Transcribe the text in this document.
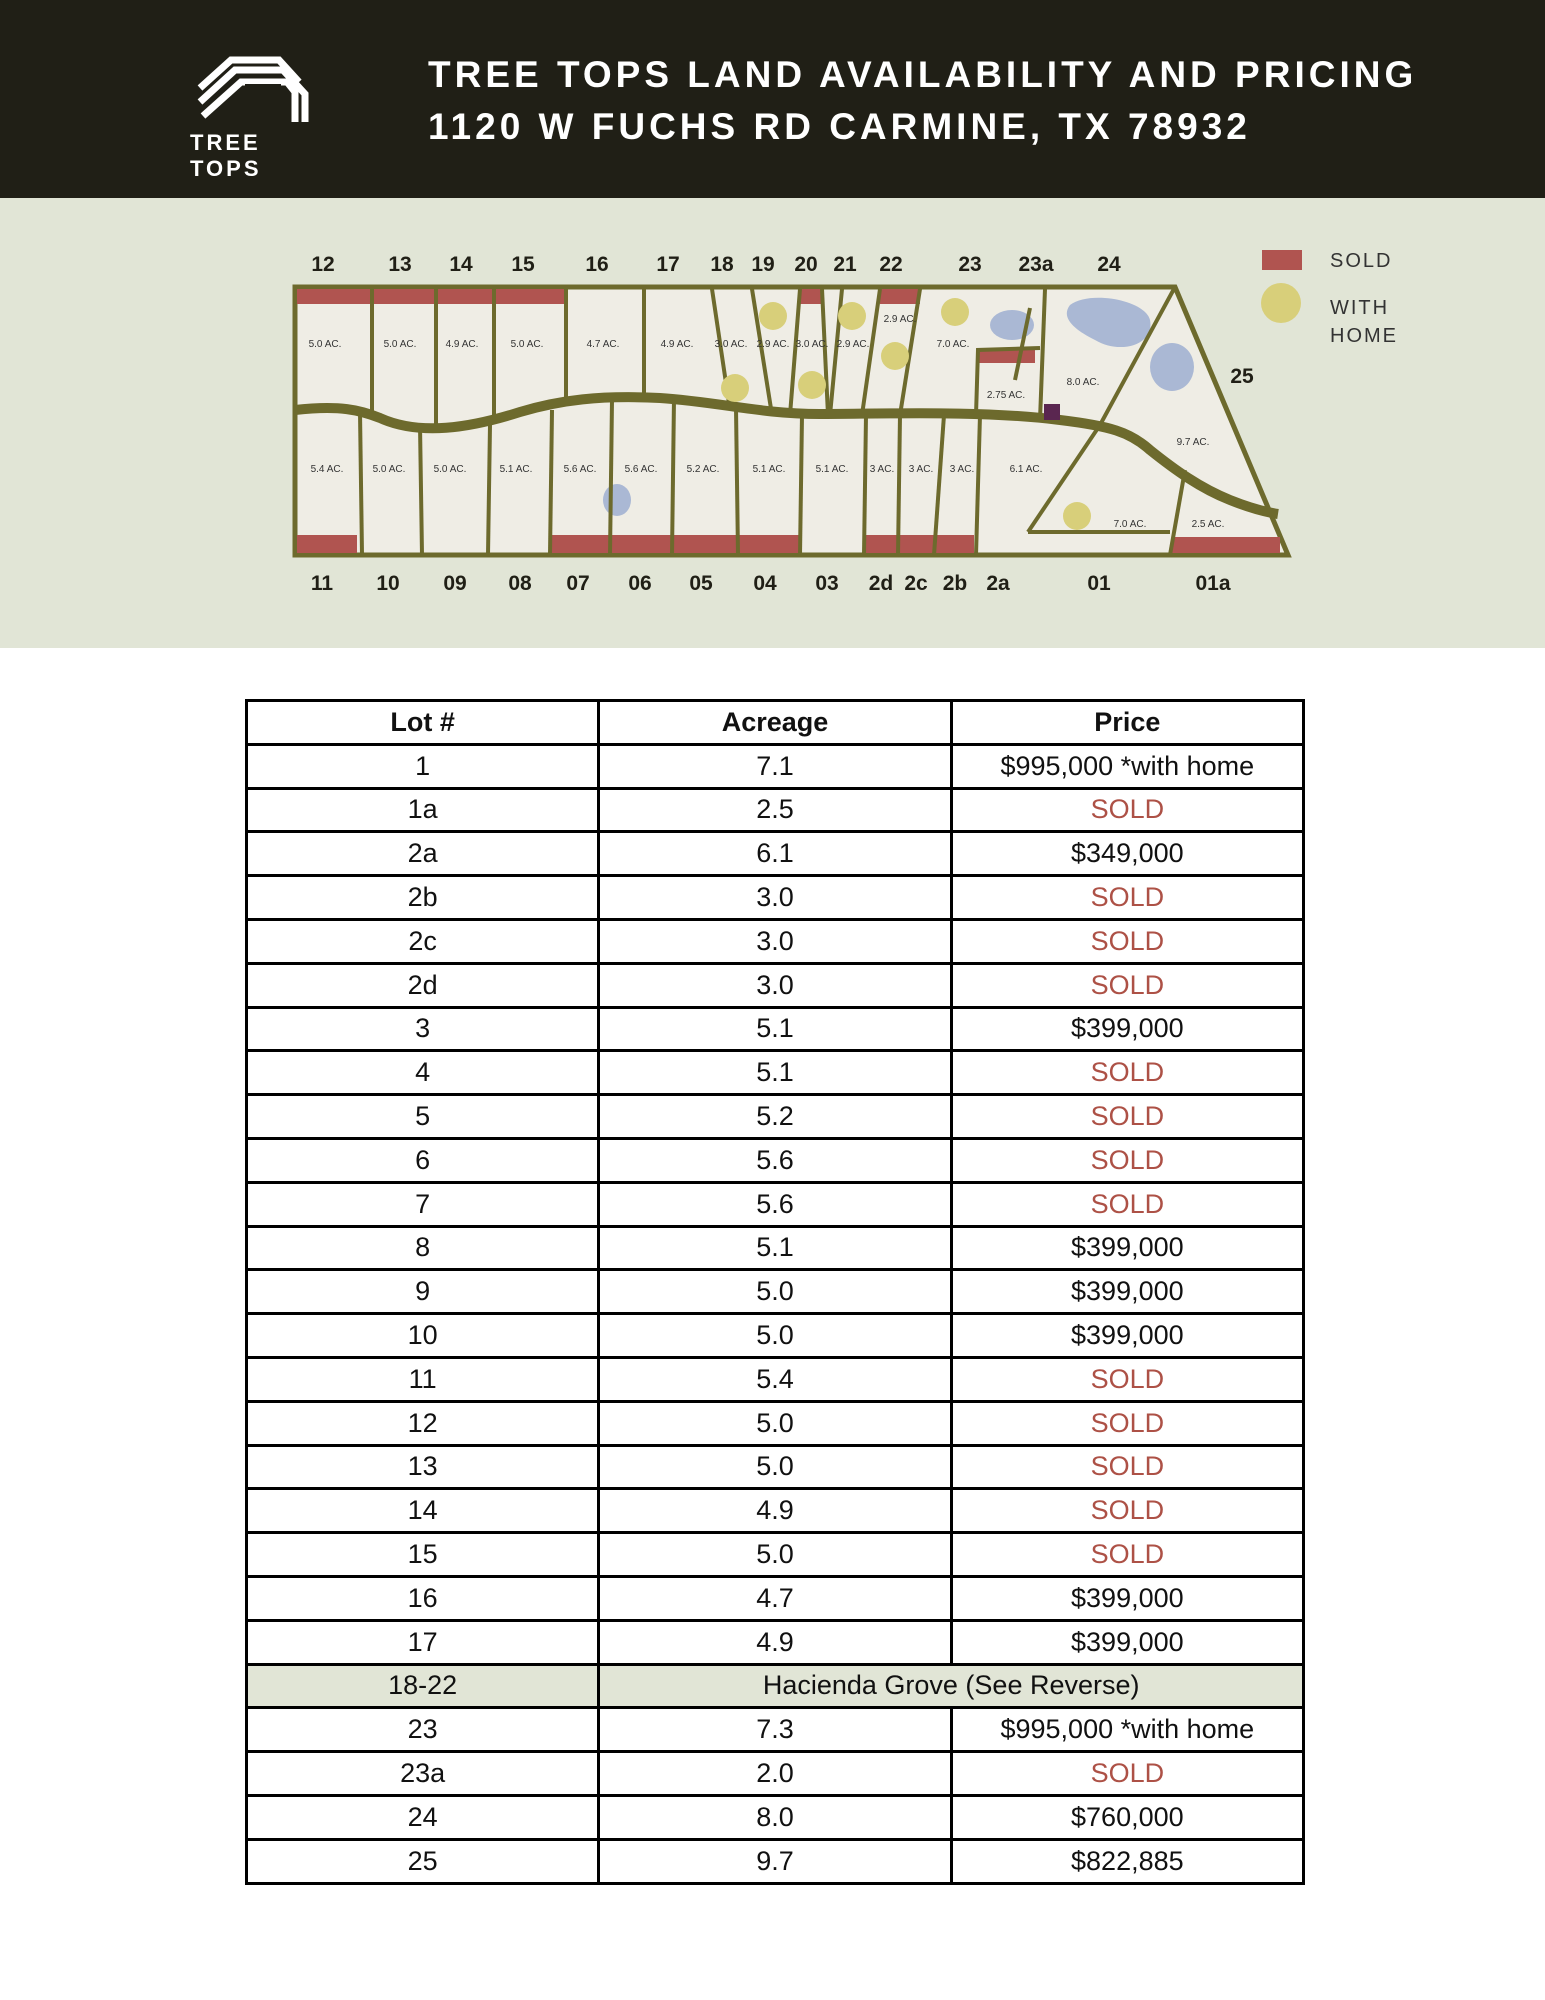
TREE TOPS
TREE TOPS LAND AVAILABILITY AND PRICING
1120 W FUCHS RD CARMINE, TX 78932
5.0 AC.	5.0 AC.	4.9 AC.	5.0 AC.	4.7 AC.	4.9 AC. 3.0 AC. 2.9 AC. 3.0 AC. 2.9 AC.
2.9 AC.
7.0 AC.
2.75 AC.
8.0 AC.
9.7 AC.
5.4 AC.	5.0 AC.	5.0 AC.	5.1 AC.	5.6 AC.	5.6 AC.	5.2 AC.	5.1 AC.	5.1 AC. 3 AC. 3 AC. 3 AC.	6.1 AC.
7.0 AC.	2.5 AC.
12	13 14 15 16 17 18 19 20 21 22	23 23a 24
25
11 10 09 08 07 06 05 04 03 2d 2c 2b 2a	01	01a
SOLD
WITH
HOME
Lot #	Acreage	Price
1	7.1	$995,000 *with home
1a	2.5	SOLD
2a	6.1	$349,000
2b	3.0	SOLD
2c	3.0	SOLD
2d	3.0	SOLD
3	5.1	$399,000
4	5.1	SOLD
5	5.2	SOLD
6	5.6	SOLD
7	5.6	SOLD
8	5.1	$399,000
9	5.0	$399,000
10	5.0	$399,000
11	5.4	SOLD
12	5.0	SOLD
13	5.0	SOLD
14	4.9	SOLD
15	5.0	SOLD
16	4.7	$399,000
17	4.9	$399,000
18-22	Hacienda Grove (See Reverse)	
23	7.3	$995,000 *with home
23a	2.0	SOLD
24	8.0	$760,000
25	9.7	$822,885
